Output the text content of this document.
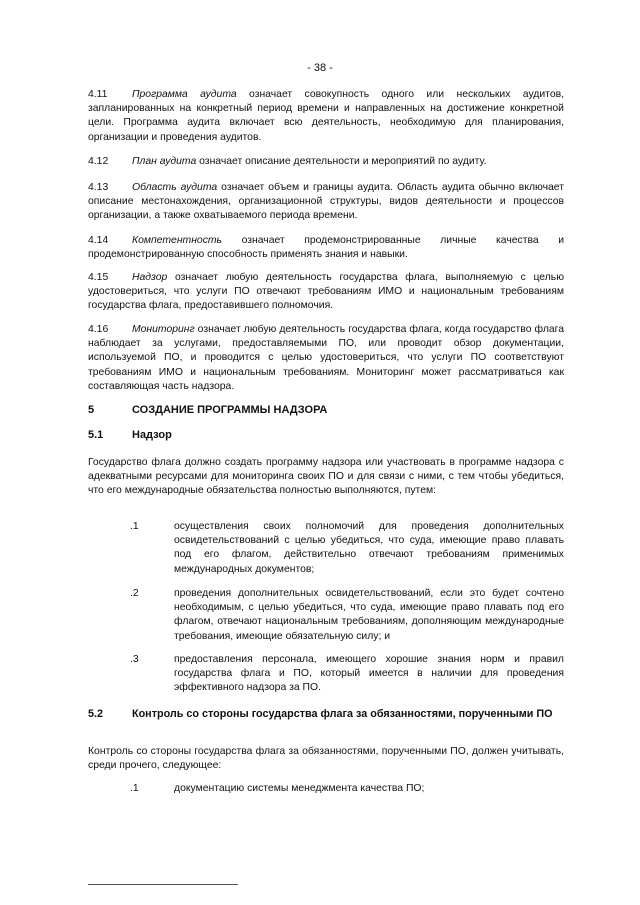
- 38 -
4.11 Программа аудита означает совокупность одного или нескольких аудитов, запланированных на конкретный период времени и направленных на достижение конкретной цели. Программа аудита включает всю деятельность, необходимую для планирования, организации и проведения аудитов.
4.12 План аудита означает описание деятельности и мероприятий по аудиту.
4.13 Область аудита означает объем и границы аудита. Область аудита обычно включает описание местонахождения, организационной структуры, видов деятельности и процессов организации, а также охватываемого периода времени.
4.14 Компетентность означает продемонстрированные личные качества и продемонстрированную способность применять знания и навыки.
4.15 Надзор означает любую деятельность государства флага, выполняемую с целью удостовериться, что услуги ПО отвечают требованиям ИМО и национальным требованиям государства флага, предоставившего полномочия.
4.16 Мониторинг означает любую деятельность государства флага, когда государство флага наблюдает за услугами, предоставляемыми ПО, или проводит обзор документации, используемой ПО, и проводится с целью удостовериться, что услуги ПО соответствуют требованиям ИМО и национальным требованиям. Мониторинг может рассматриваться как составляющая часть надзора.
5	СОЗДАНИЕ ПРОГРАММЫ НАДЗОРА
5.1	Надзор
Государство флага должно создать программу надзора или участвовать в программе надзора с адекватными ресурсами для мониторинга своих ПО и для связи с ними, с тем чтобы убедиться, что его международные обязательства полностью выполняются, путем:
.1	осуществления своих полномочий для проведения дополнительных освидетельствований с целью убедиться, что суда, имеющие право плавать под его флагом, действительно отвечают требованиям применимых международных документов;
.2	проведения дополнительных освидетельствований, если это будет сочтено необходимым, с целью убедиться, что суда, имеющие право плавать под его флагом, отвечают национальным требованиям, дополняющим международные требования, имеющие обязательную силу; и
.3	предоставления персонала, имеющего хорошие знания норм и правил государства флага и ПО, который имеется в наличии для проведения эффективного надзора за ПО.
5.2	Контроль со стороны государства флага за обязанностями, порученными ПО
Контроль со стороны государства флага за обязанностями, порученными ПО, должен учитывать, среди прочего, следующее:
.1	документацию системы менеджмента качества ПО;
